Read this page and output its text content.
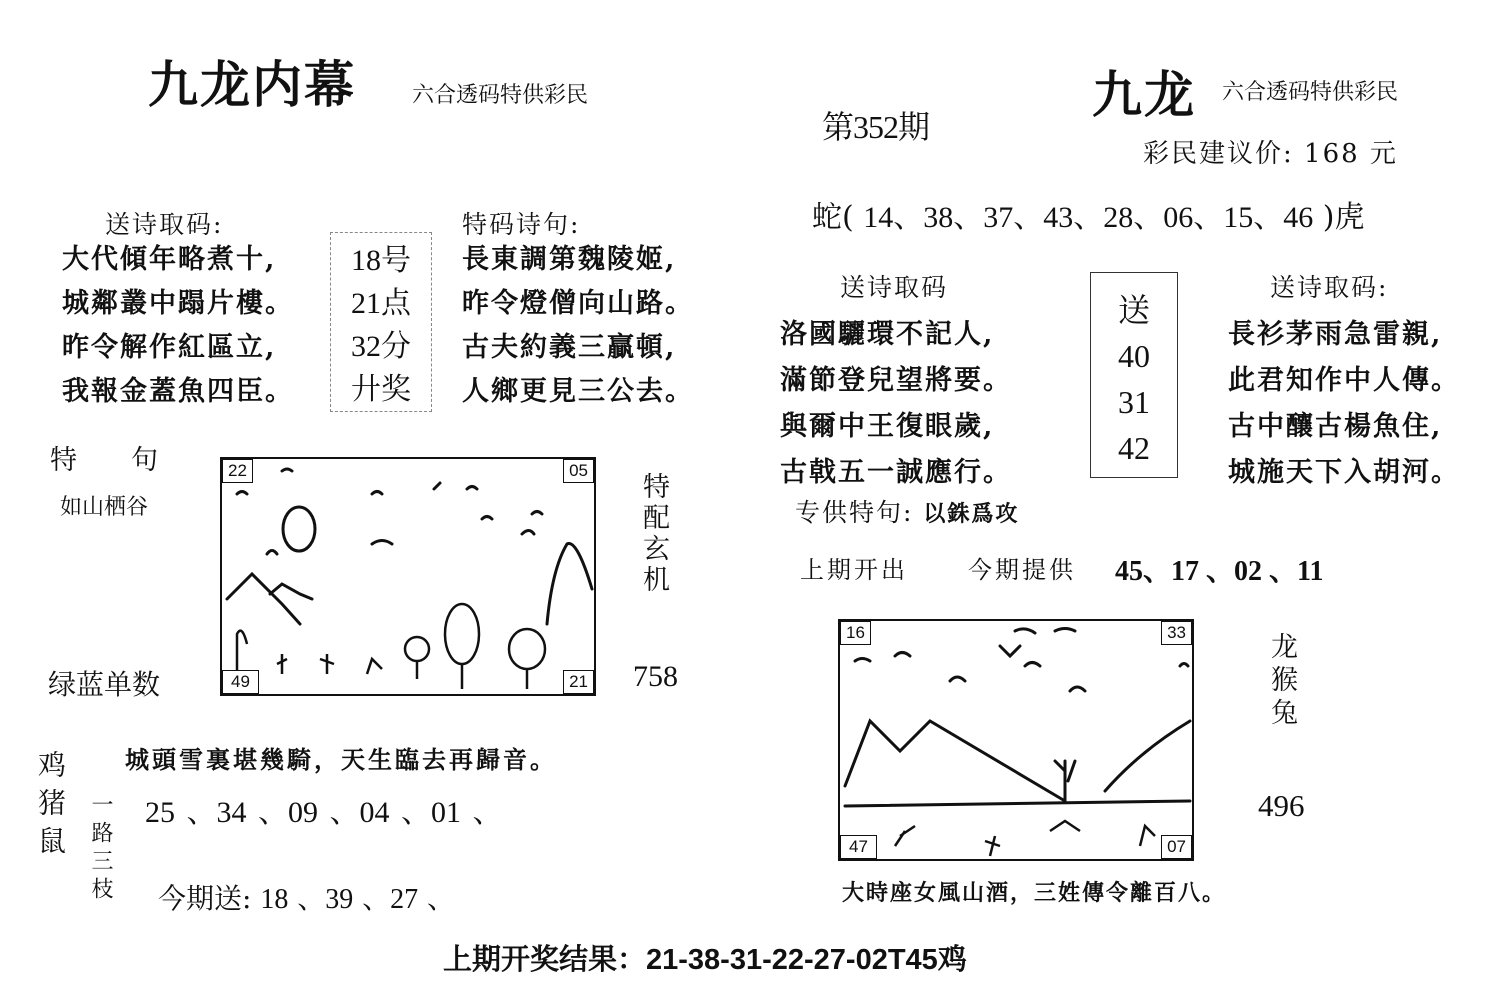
九龙内幕	六合透码特供彩民
送诗取码:
大代傾年略煮十,
城鄰叢中蹋片樓。
昨令解作紅區立,
我報金蓋魚四臣。
18号
21点
32分
廾奖
特码诗句:
長東調第魏陵姬,
昨令燈僧向山路。
古夫約義三贏頓,
人鄉更見三公去。
特　　句
如山栖谷
22	05
49	21
特配玄机
绿蓝单数	758
城頭雪裏堪幾騎，天生臨去再歸音。
鸡猪鼠 一路三枝 25 、34 、09 、04 、01 、
今期送: 18 、39 、27 、
第352期
九龙 六合透码特供彩民
彩民建议价: 168 元
蛇( 14、38、37、43、28、06、15、46 )虎
送诗取码
洛國驪環不記人,
滿節登兒望將要。
與爾中王復眼歲,
古戟五一誠應行。
送
40
31
42
送诗取码:
長衫茅雨急雷親,
此君知作中人傳。
古中釀古楊魚住,
城施天下入胡河。
专供特句: 以銖爲攻
上期开出	今期提供 45、17 、02 、11
16	33
47	07
龙猴兔
496
大時座女風山酒，三姓傳令離百八。
上期开奖结果：21-38-31-22-27-02T45鸡
